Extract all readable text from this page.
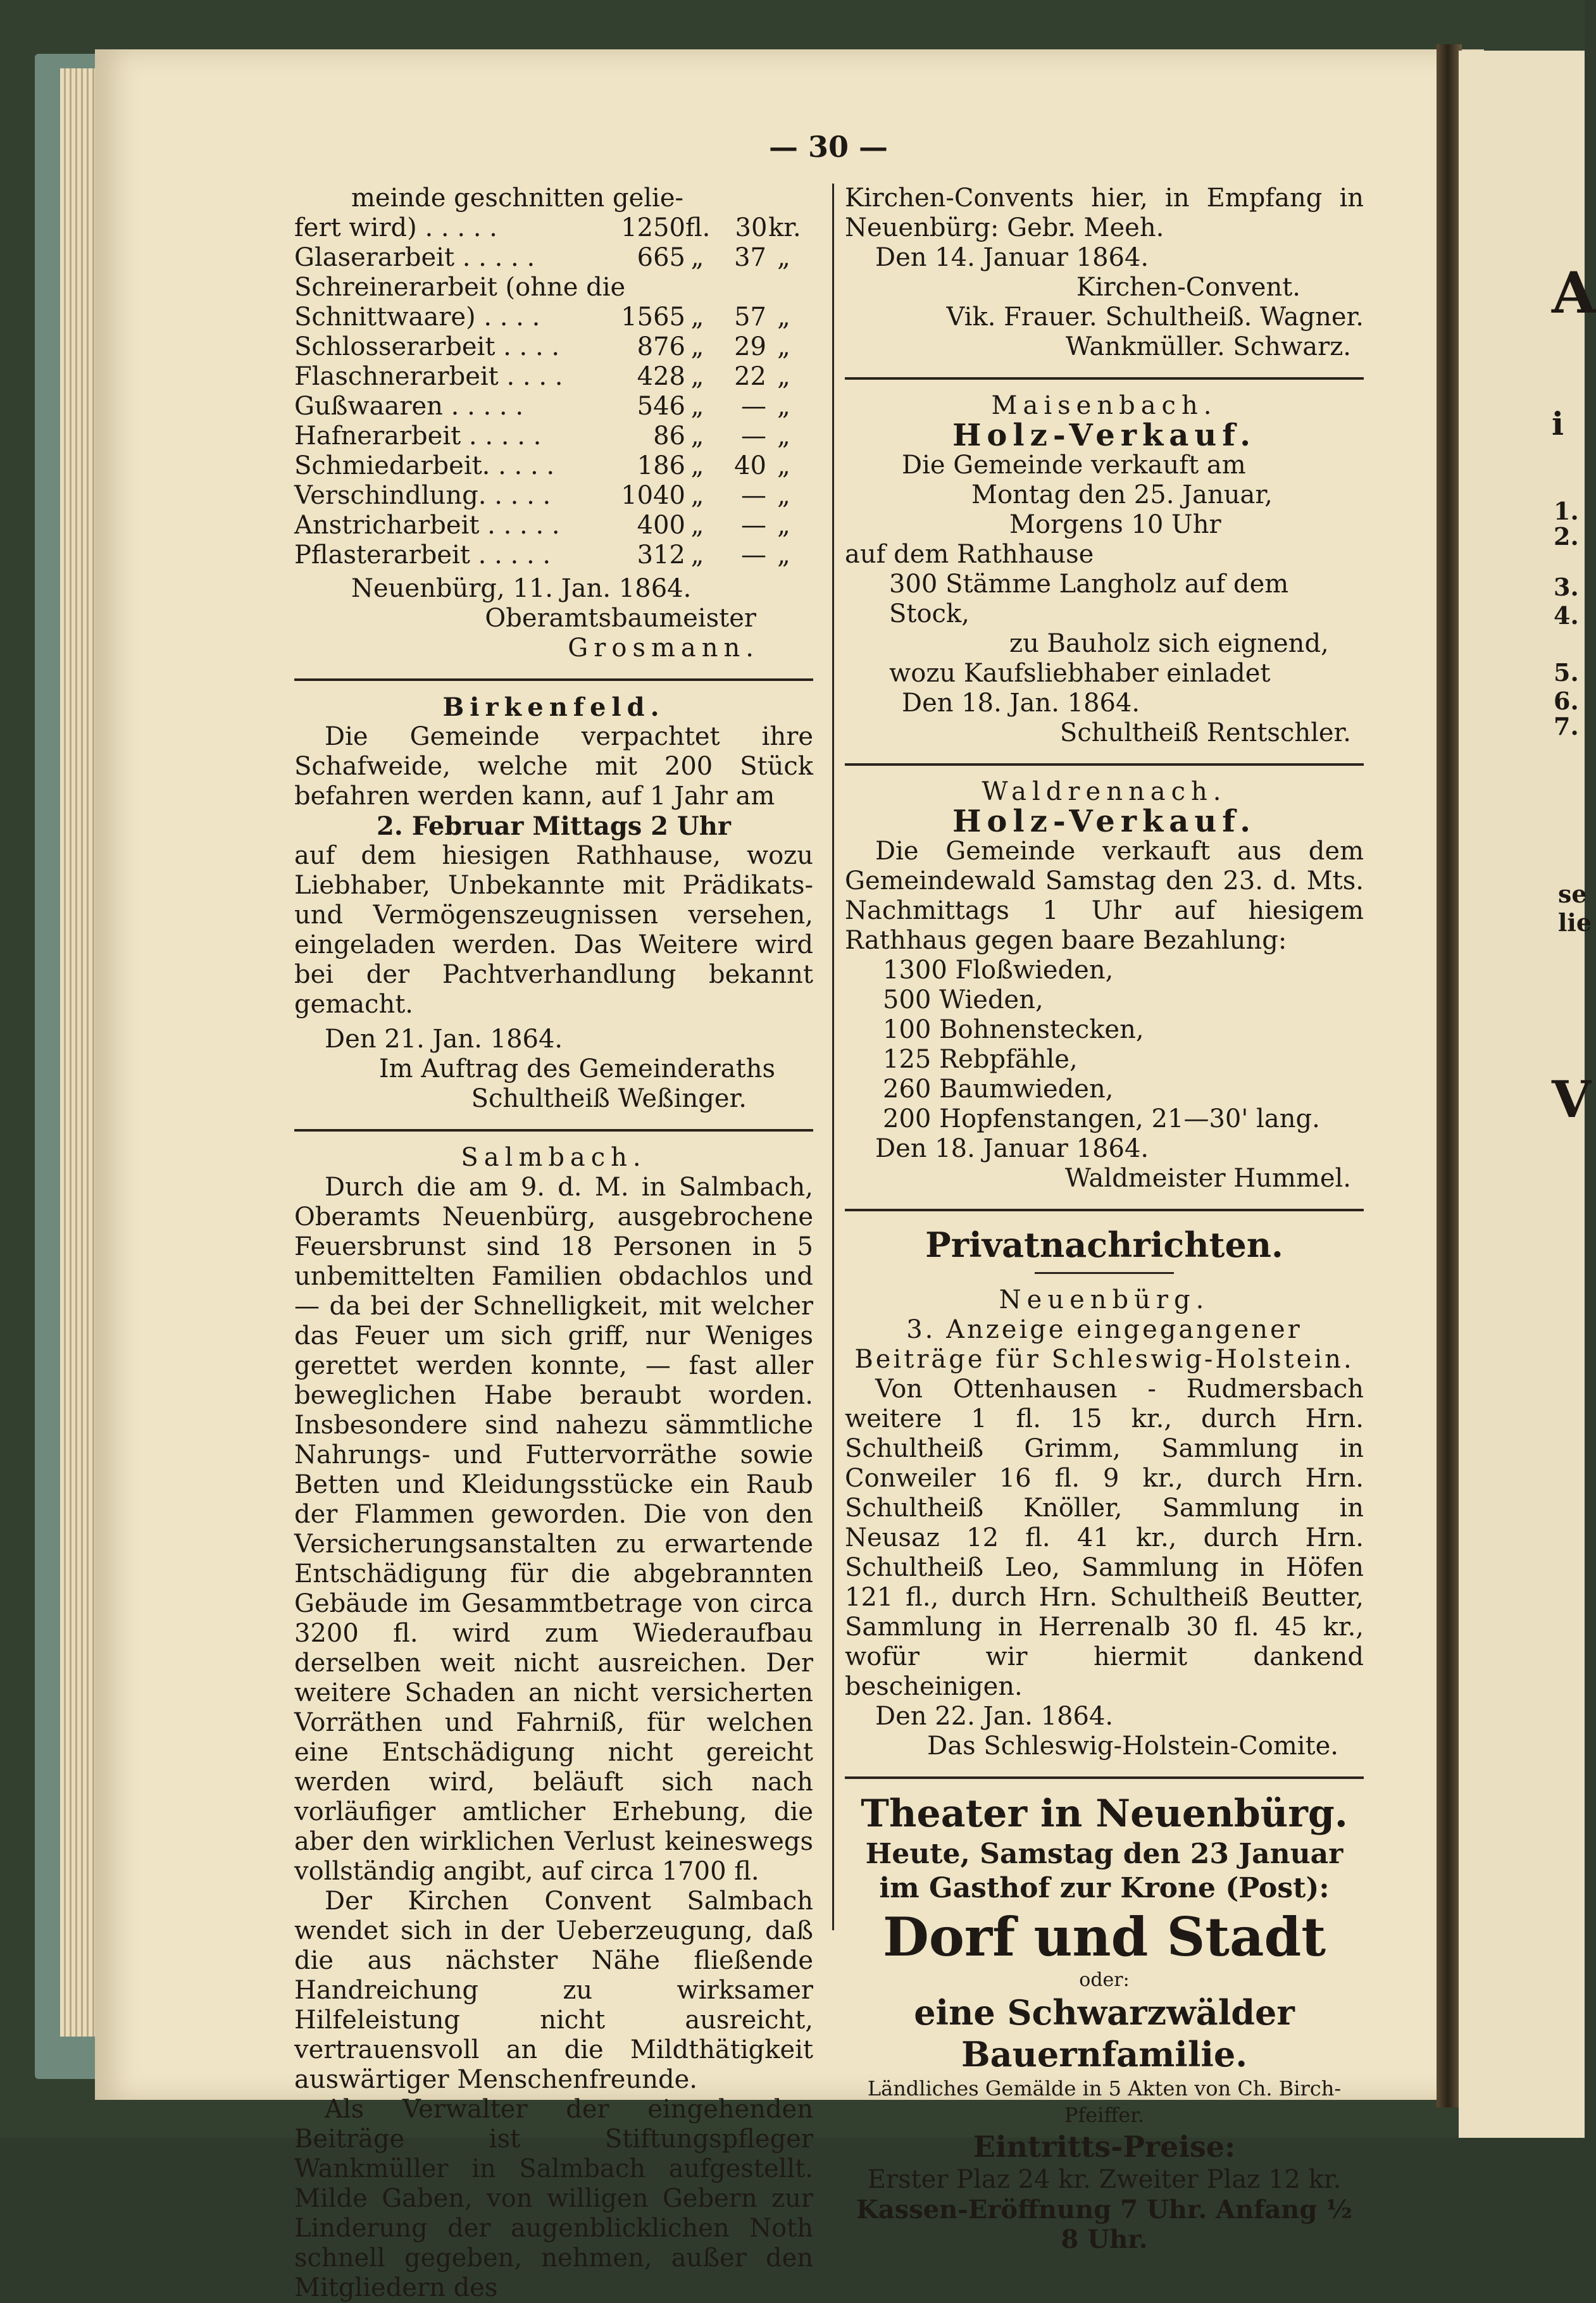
A
i
1.
2.
3.
4.
5.
6.
7.
se
lie
V
— 30 —

meinde geschnitten gelie-

fert wird) . . . . .	1250 fl. 30 kr.
Glaserarbeit . . . . .	665 „	37 „
Schreinerarbeit (ohne die
Schnittwaare) . . . .	1565 „	57 „
Schlosserarbeit . . . .	876 „	29 „
Flaschnerarbeit . . . .	428 „	22 „
Gußwaaren . . . . .	546 „	— „
Hafnerarbeit . . . . .	86 „	— „
Schmiedarbeit. . . . .	186 „	40 „
Verschindlung. . . . .	1040 „	— „
Anstricharbeit . . . . .	400 „	— „
Pflasterarbeit . . . . .	312 „	— „

Neuenbürg, 11. Jan. 1864.

Oberamtsbaumeister

Grosmann.

Birkenfeld.

Die Gemeinde verpachtet ihre Schafweide, welche mit 200 Stück befahren werden kann, auf 1 Jahr am

2. Februar Mittags 2 Uhr

auf dem hiesigen Rathhause, wozu Liebhaber, Unbekannte mit Prädikats- und Vermögenszeugnissen versehen, eingeladen werden. Das Weitere wird bei der Pachtverhandlung bekannt gemacht.

Den 21. Jan. 1864.

Im Auftrag des Gemeinderaths

Schultheiß Weßinger.

Salmbach.

Durch die am 9. d. M. in Salmbach, Oberamts Neuenbürg, ausgebrochene Feuersbrunst sind 18 Personen in 5 unbemittelten Familien obdachlos und — da bei der Schnelligkeit, mit welcher das Feuer um sich griff, nur Weniges gerettet werden konnte, — fast aller beweglichen Habe beraubt worden. Insbesondere sind nahezu sämmtliche Nahrungs- und Futtervorräthe sowie Betten und Kleidungsstücke ein Raub der Flammen geworden. Die von den Versicherungsanstalten zu erwartende Entschädigung für die abgebrannten Gebäude im Gesammtbetrage von circa 3200 fl. wird zum Wiederaufbau derselben weit nicht ausreichen. Der weitere Schaden an nicht versicherten Vorräthen und Fahrniß, für welchen eine Entschädigung nicht gereicht werden wird, beläuft sich nach vorläufiger amtlicher Erhebung, die aber den wirklichen Verlust keineswegs vollständig angibt, auf circa 1700 fl.

Der Kirchen Convent Salmbach wendet sich in der Ueberzeugung, daß die aus nächster Nähe fließende Handreichung zu wirksamer Hilfeleistung nicht ausreicht, vertrauensvoll an die Mildthätigkeit auswärtiger Menschenfreunde.

Als Verwalter der eingehenden Beiträge ist Stiftungspfleger Wankmüller in Salmbach aufgestellt. Milde Gaben, von willigen Gebern zur Linderung der augenblicklichen Noth schnell gegeben, nehmen, außer den Mitgliedern des

Kirchen-Convents hier, in Empfang in Neuenbürg: Gebr. Meeh.

Den 14. Januar 1864.

Kirchen-Convent.

Vik. Frauer. Schultheiß. Wagner.

Wankmüller. Schwarz.

Maisenbach.

Holz-Verkauf.

Die Gemeinde verkauft am

Montag den 25. Januar,

Morgens 10 Uhr

auf dem Rathhause

300 Stämme Langholz auf dem Stock,

zu Bauholz sich eignend,

wozu Kaufsliebhaber einladet

Den 18. Jan. 1864.

Schultheiß Rentschler.

Waldrennach.

Holz-Verkauf.

Die Gemeinde verkauft aus dem Gemeindewald Samstag den 23. d. Mts. Nachmittags 1 Uhr auf hiesigem Rathhaus gegen baare Bezahlung:

1300 Floßwieden,

500 Wieden,

100 Bohnenstecken,

125 Rebpfähle,

260 Baumwieden,

200 Hopfenstangen, 21—30' lang.

Den 18. Januar 1864.

Waldmeister Hummel.

Privatnachrichten.

Neuenbürg.

3. Anzeige eingegangener Beiträge für Schleswig-Holstein.

Von Ottenhausen - Rudmersbach weitere 1 fl. 15 kr., durch Hrn. Schultheiß Grimm, Sammlung in Conweiler 16 fl. 9 kr., durch Hrn. Schultheiß Knöller, Sammlung in Neusaz 12 fl. 41 kr., durch Hrn. Schultheiß Leo, Sammlung in Höfen 121 fl., durch Hrn. Schultheiß Beutter, Sammlung in Herrenalb 30 fl. 45 kr., wofür wir hiermit dankend bescheinigen.

Den 22. Jan. 1864.

Das Schleswig-Holstein-Comite.

Theater in Neuenbürg.

Heute, Samstag den 23 Januar

im Gasthof zur Krone (Post):

Dorf und Stadt

oder:

eine Schwarzwälder Bauernfamilie.

Ländliches Gemälde in 5 Akten von Ch. Birch-Pfeiffer.

Eintritts-Preise:

Erster Plaz 24 kr. Zweiter Plaz 12 kr.

Kassen-Eröffnung 7 Uhr. Anfang ½ 8 Uhr.
